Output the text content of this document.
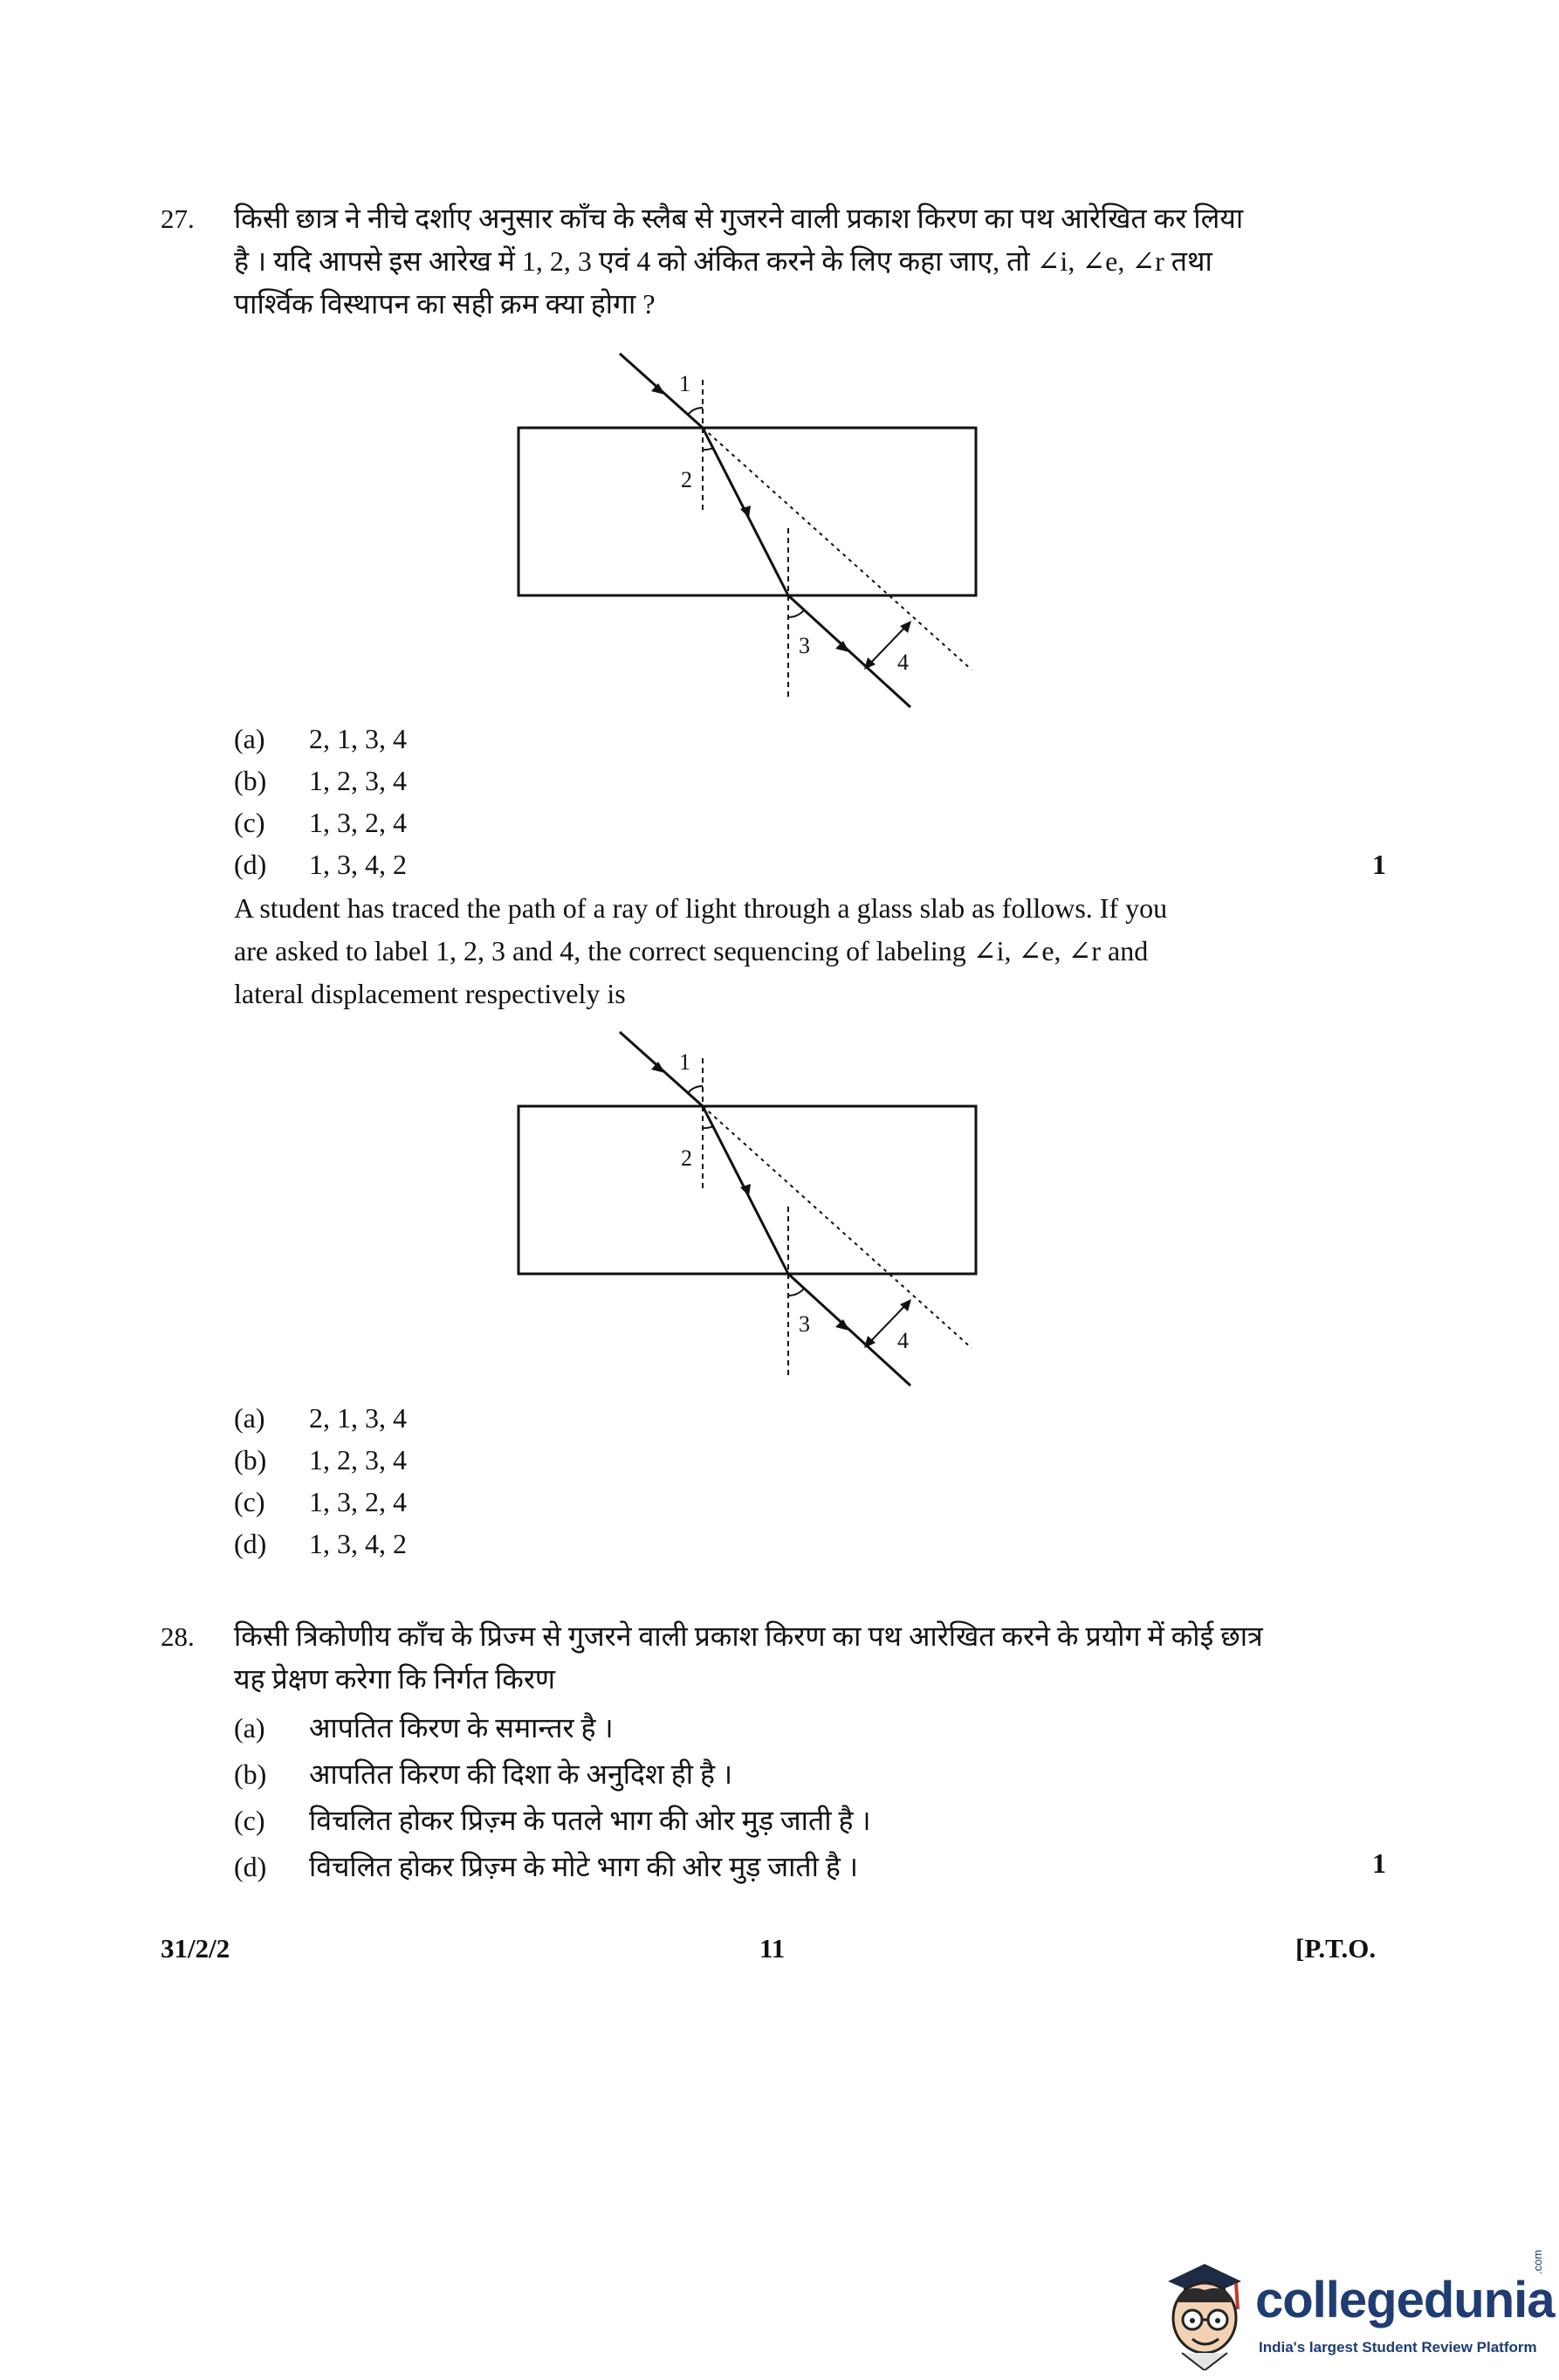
27. किसी छात्र ने नीचे दर्शाए अनुसार काँच के स्लैब से गुजरने वाली प्रकाश किरण का पथ आरेखित कर लिया
है । यदि आपसे इस आरेख में 1, 2, 3 एवं 4 को अंकित करने के लिए कहा जाए, तो ∠i, ∠e, ∠r तथा
पार्श्विक विस्थापन का सही क्रम क्या होगा ?
1
2
3
4
(a) 2, 1, 3, 4
(b) 1, 2, 3, 4
(c) 1, 3, 2, 4
(d) 1, 3, 4, 2	1
A student has traced the path of a ray of light through a glass slab as follows. If you
are asked to label 1, 2, 3 and 4, the correct sequencing of labeling ∠i, ∠e, ∠r and
lateral displacement respectively is
1
2
3
4
(a) 2, 1, 3, 4
(b) 1, 2, 3, 4
(c) 1, 3, 2, 4
(d) 1, 3, 4, 2
28. किसी त्रिकोणीय काँच के प्रिज्म से गुजरने वाली प्रकाश किरण का पथ आरेखित करने के प्रयोग में कोई छात्र
यह प्रेक्षण करेगा कि निर्गत किरण
(a) आपतित किरण के समान्तर है ।
(b) आपतित किरण की दिशा के अनुदिश ही है ।
(c) विचलित होकर प्रिज़्म के पतले भाग की ओर मुड़ जाती है ।
(d) विचलित होकर प्रिज़्म के मोटे भाग की ओर मुड़ जाती है ।	1
31/2/2	11	[P.T.O.
collegedunia
.com
India's largest Student Review Platform
